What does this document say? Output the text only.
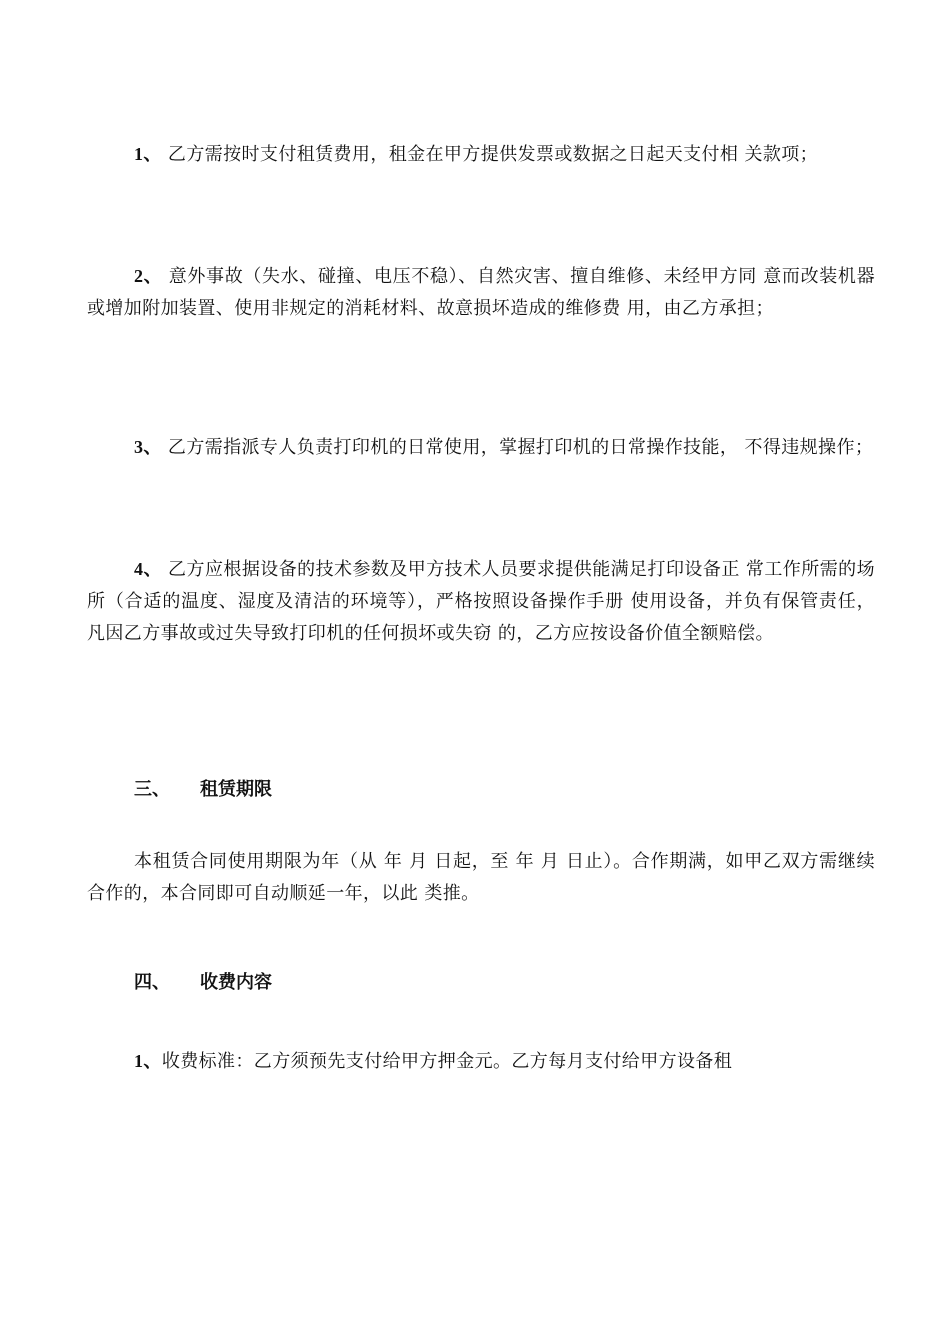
1、 乙方需按时支付租赁费用，租金在甲方提供发票或数据之日起天支付相 关款项；

2、 意外事故（失水、碰撞、电压不稳）、自然灾害、擅自维修、未经甲方同 意而改装机器或增加附加装置、使用非规定的消耗材料、故意损坏造成的维修费 用，由乙方承担；

3、 乙方需指派专人负责打印机的日常使用，掌握打印机的日常操作技能， 不得违规操作；

4、 乙方应根据设备的技术参数及甲方技术人员要求提供能满足打印设备正 常工作所需的场所（合适的温度、湿度及清洁的环境等），严格按照设备操作手册 使用设备，并负有保管责任，凡因乙方事故或过失导致打印机的任何损坏或失窃 的，乙方应按设备价值全额赔偿。

三、 租赁期限

本租赁合同使用期限为年（从 年 月 日起，至 年 月 日止）。合作期满，如甲乙双方需继续合作的，本合同即可自动顺延一年，以此 类推。

四、 收费内容

1、收费标准：乙方须预先支付给甲方押金元。乙方每月支付给甲方设备租
